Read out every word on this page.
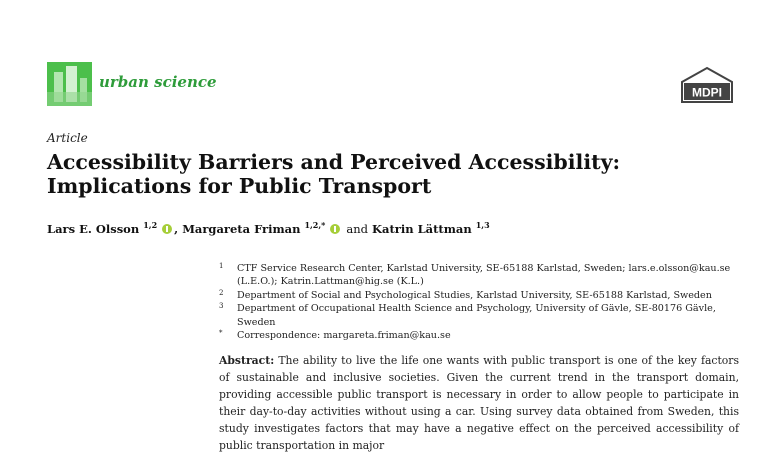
urban science
MDPI
Article
Accessibility Barriers and Perceived Accessibility: Implications for Public Transport
Lars E. Olsson $^{1,2}$ , Margareta Friman $^{1,2,*}$ and Katrin Lättman $^{1,3}$
1 CTF Service Research Center, Karlstad University, SE-65188 Karlstad, Sweden; lars.e.olsson@kau.se (L.E.O.); Katrin.Lattman@hig.se (K.L.)
2 Department of Social and Psychological Studies, Karlstad University, SE-65188 Karlstad, Sweden
3 Department of Occupational Health Science and Psychology, University of Gävle, SE-80176 Gävle, Sweden
* Correspondence: margareta.friman@kau.se

Abstract: The ability to live the life one wants with public transport is one of the key factors of sustainable and inclusive societies. Given the current trend in the transport domain, providing accessible public transport is necessary in order to allow people to participate in their day-to-day activities without using a car. Using survey data obtained from Sweden, this study investigates factors that may have a negative effect on the perceived accessibility of public transportation in major
